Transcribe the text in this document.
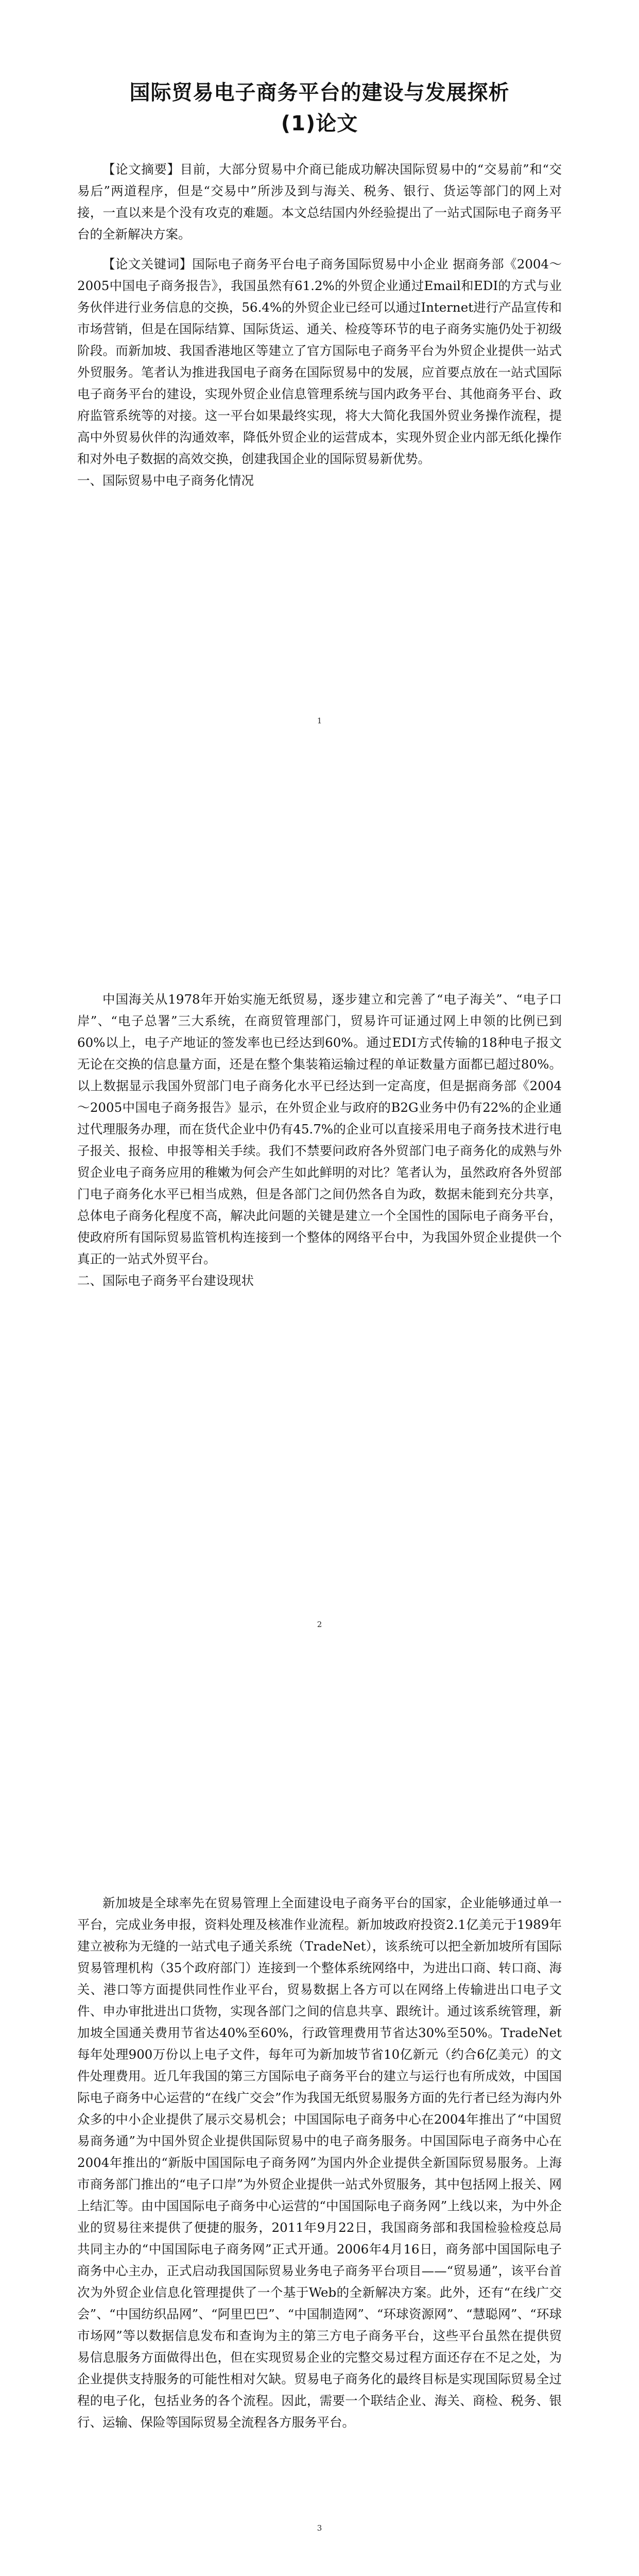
国际贸易电子商务平台的建设与发展探析
(1)论文

【论文摘要】目前，大部分贸易中介商已能成功解决国际贸易中的“交易前”和“交易后”两道程序，但是“交易中”所涉及到与海关、税务、银行、货运等部门的网上对接，一直以来是个没有攻克的难题。本文总结国内外经验提出了一站式国际电子商务平台的全新解决方案。

【论文关键词】国际电子商务平台电子商务国际贸易中小企业 据商务部《2004～2005中国电子商务报告》，我国虽然有61.2%的外贸企业通过Email和EDI的方式与业务伙伴进行业务信息的交换，56.4%的外贸企业已经可以通过Internet进行产品宣传和市场营销，但是在国际结算、国际货运、通关、检疫等环节的电子商务实施仍处于初级阶段。而新加坡、我国香港地区等建立了官方国际电子商务平台为外贸企业提供一站式外贸服务。笔者认为推进我国电子商务在国际贸易中的发展，应首要点放在一站式国际电子商务平台的建设，实现外贸企业信息管理系统与国内政务平台、其他商务平台、政府监管系统等的对接。这一平台如果最终实现，将大大简化我国外贸业务操作流程，提高中外贸易伙伴的沟通效率，降低外贸企业的运营成本，实现外贸企业内部无纸化操作和对外电子数据的高效交换，创建我国企业的国际贸易新优势。

一、国际贸易中电子商务化情况

1

中国海关从1978年开始实施无纸贸易，逐步建立和完善了“电子海关”、“电子口岸”、“电子总署”三大系统，在商贸管理部门，贸易许可证通过网上申领的比例已到60%以上，电子产地证的签发率也已经达到60%。通过EDI方式传输的18种电子报文无论在交换的信息量方面，还是在整个集装箱运输过程的单证数量方面都已超过80%。以上数据显示我国外贸部门电子商务化水平已经达到一定高度，但是据商务部《2004～2005中国电子商务报告》显示，在外贸企业与政府的B2G业务中仍有22%的企业通过代理服务办理，而在货代企业中仍有45.7%的企业可以直接采用电子商务技术进行电子报关、报检、申报等相关手续。我们不禁要问政府各外贸部门电子商务化的成熟与外贸企业电子商务应用的稚嫩为何会产生如此鲜明的对比？笔者认为，虽然政府各外贸部门电子商务化水平已相当成熟，但是各部门之间仍然各自为政，数据未能到充分共享，总体电子商务化程度不高，解决此问题的关键是建立一个全国性的国际电子商务平台，使政府所有国际贸易监管机构连接到一个整体的网络平台中，为我国外贸企业提供一个真正的一站式外贸平台。

二、国际电子商务平台建设现状

2

新加坡是全球率先在贸易管理上全面建设电子商务平台的国家，企业能够通过单一平台，完成业务申报，资料处理及核准作业流程。新加坡政府投资2.1亿美元于1989年建立被称为无缝的一站式电子通关系统（TradeNet），该系统可以把全新加坡所有国际贸易管理机构（35个政府部门）连接到一个整体系统网络中，为进出口商、转口商、海关、港口等方面提供同性作业平台，贸易数据上各方可以在网络上传输进出口电子文件、申办审批进出口货物，实现各部门之间的信息共享、跟统计。通过该系统管理，新加坡全国通关费用节省达40%至60%，行政管理费用节省达30%至50%。TradeNet每年处理900万份以上电子文件，每年可为新加坡节省10亿新元（约合6亿美元）的文件处理费用。近几年我国的第三方国际电子商务平台的建立与运行也有所成效，中国国际电子商务中心运营的“在线广交会”作为我国无纸贸易服务方面的先行者已经为海内外众多的中小企业提供了展示交易机会；中国国际电子商务中心在2004年推出了“中国贸易商务通”为中国外贸企业提供国际贸易中的电子商务服务。中国国际电子商务中心在2004年推出的“新版中国国际电子商务网”为国内外企业提供全新国际贸易服务。上海市商务部门推出的“电子口岸”为外贸企业提供一站式外贸服务，其中包括网上报关、网上结汇等。由中国国际电子商务中心运营的“中国国际电子商务网”上线以来，为中外企业的贸易往来提供了便捷的服务，2011年9月22日，我国商务部和我国检验检疫总局共同主办的“中国国际电子商务网”正式开通。2006年4月16日，商务部中国国际电子商务中心主办，正式启动我国国际贸易业务电子商务平台项目——“贸易通”，该平台首次为外贸企业信息化管理提供了一个基于Web的全新解决方案。此外，还有“在线广交会”、“中国纺织品网”、“阿里巴巴”、“中国制造网”、“环球资源网”、“慧聪网”、“环球市场网”等以数据信息发布和查询为主的第三方电子商务平台，这些平台虽然在提供贸易信息服务方面做得出色，但在实现贸易企业的完整交易过程方面还存在不足之处，为企业提供支持服务的可能性相对欠缺。贸易电子商务化的最终目标是实现国际贸易全过程的电子化，包括业务的各个流程。因此，需要一个联结企业、海关、商检、税务、银行、运输、保险等国际贸易全流程各方服务平台。

3
